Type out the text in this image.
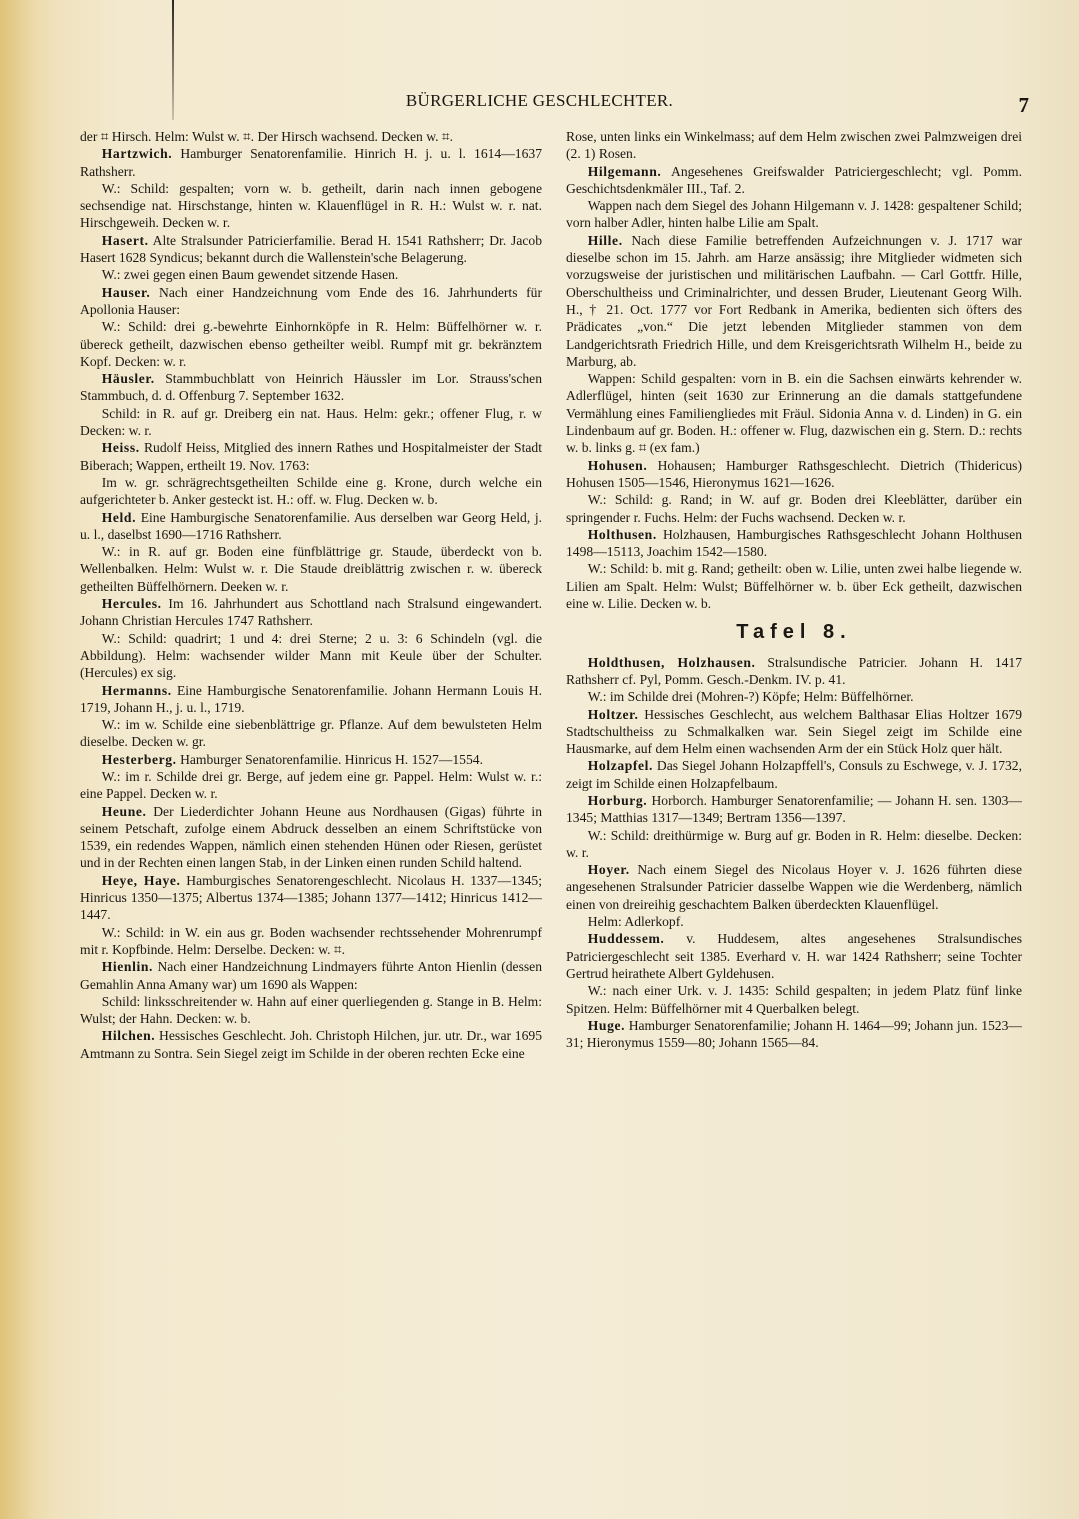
BÜRGERLICHE GESCHLECHTER.	7

der ⌗ Hirsch. Helm: Wulst w. ⌗. Der Hirsch wachsend. Decken w. ⌗.

Hartzwich. Hamburger Senatorenfamilie. Hinrich H. j. u. l. 1614—1637 Rathsherr.

W.: Schild: gespalten; vorn w. b. getheilt, darin nach innen gebogene sechsendige nat. Hirschstange, hinten w. Klauenflügel in R. H.: Wulst w. r. nat. Hirschgeweih. Decken w. r.

Hasert. Alte Stralsunder Patricierfamilie. Berad H. 1541 Rathsherr; Dr. Jacob Hasert 1628 Syndicus; bekannt durch die Wallenstein'sche Belagerung.

W.: zwei gegen einen Baum gewendet sitzende Hasen.

Hauser. Nach einer Handzeichnung vom Ende des 16. Jahrhunderts für Apollonia Hauser:

W.: Schild: drei g.-bewehrte Einhornköpfe in R. Helm: Büffelhörner w. r. übereck getheilt, dazwischen ebenso getheilter weibl. Rumpf mit gr. bekränztem Kopf. Decken: w. r.

Häusler. Stammbuchblatt von Heinrich Häussler im Lor. Strauss'schen Stammbuch, d. d. Offenburg 7. September 1632.

Schild: in R. auf gr. Dreiberg ein nat. Haus. Helm: gekr.; offener Flug, r. w Decken: w. r.

Heiss. Rudolf Heiss, Mitglied des innern Rathes und Hospitalmeister der Stadt Biberach; Wappen, ertheilt 19. Nov. 1763:

Im w. gr. schrägrechtsgetheilten Schilde eine g. Krone, durch welche ein aufgerichteter b. Anker gesteckt ist. H.: off. w. Flug. Decken w. b.

Held. Eine Hamburgische Senatorenfamilie. Aus derselben war Georg Held, j. u. l., daselbst 1690—1716 Rathsherr.

W.: in R. auf gr. Boden eine fünfblättrige gr. Staude, überdeckt von b. Wellenbalken. Helm: Wulst w. r. Die Staude dreiblättrig zwischen r. w. übereck getheilten Büffelhörnern. Deeken w. r.

Hercules. Im 16. Jahrhundert aus Schottland nach Stralsund eingewandert. Johann Christian Hercules 1747 Rathsherr.

W.: Schild: quadrirt; 1 und 4: drei Sterne; 2 u. 3: 6 Schindeln (vgl. die Abbildung). Helm: wachsender wilder Mann mit Keule über der Schulter. (Hercules) ex sig.

Hermanns. Eine Hamburgische Senatorenfamilie. Johann Hermann Louis H. 1719, Johann H., j. u. l., 1719.

W.: im w. Schilde eine siebenblättrige gr. Pflanze. Auf dem bewulsteten Helm dieselbe. Decken w. gr.

Hesterberg. Hamburger Senatorenfamilie. Hinricus H. 1527—1554.

W.: im r. Schilde drei gr. Berge, auf jedem eine gr. Pappel. Helm: Wulst w. r.: eine Pappel. Decken w. r.

Heune. Der Liederdichter Johann Heune aus Nordhausen (Gigas) führte in seinem Petschaft, zufolge einem Abdruck desselben an einem Schriftstücke von 1539, ein redendes Wappen, nämlich einen stehenden Hünen oder Riesen, gerüstet und in der Rechten einen langen Stab, in der Linken einen runden Schild haltend.

Heye, Haye. Hamburgisches Senatorengeschlecht. Nicolaus H. 1337—1345; Hinricus 1350—1375; Albertus 1374—1385; Johann 1377—1412; Hinricus 1412—1447.

W.: Schild: in W. ein aus gr. Boden wachsender rechtssehender Mohrenrumpf mit r. Kopfbinde. Helm: Derselbe. Decken: w. ⌗.

Hienlin. Nach einer Handzeichnung Lindmayers führte Anton Hienlin (dessen Gemahlin Anna Amany war) um 1690 als Wappen:

Schild: linksschreitender w. Hahn auf einer querliegenden g. Stange in B. Helm: Wulst; der Hahn. Decken: w. b.

Hilchen. Hessisches Geschlecht. Joh. Christoph Hilchen, jur. utr. Dr., war 1695 Amtmann zu Sontra. Sein Siegel zeigt im Schilde in der oberen rechten Ecke eine

Rose, unten links ein Winkelmass; auf dem Helm zwischen zwei Palmzweigen drei (2. 1) Rosen.

Hilgemann. Angesehenes Greifswalder Patriciergeschlecht; vgl. Pomm. Geschichtsdenkmäler III., Taf. 2.

Wappen nach dem Siegel des Johann Hilgemann v. J. 1428: gespaltener Schild; vorn halber Adler, hinten halbe Lilie am Spalt.

Hille. Nach diese Familie betreffenden Aufzeichnungen v. J. 1717 war dieselbe schon im 15. Jahrh. am Harze ansässig; ihre Mitglieder widmeten sich vorzugsweise der juristischen und militärischen Laufbahn. — Carl Gottfr. Hille, Oberschultheiss und Criminalrichter, und dessen Bruder, Lieutenant Georg Wilh. H., † 21. Oct. 1777 vor Fort Redbank in Amerika, bedienten sich öfters des Prädicates „von.“ Die jetzt lebenden Mitglieder stammen von dem Landgerichtsrath Friedrich Hille, und dem Kreisgerichtsrath Wilhelm H., beide zu Marburg, ab.

Wappen: Schild gespalten: vorn in B. ein die Sachsen einwärts kehrender w. Adlerflügel, hinten (seit 1630 zur Erinnerung an die damals stattgefundene Vermählung eines Familiengliedes mit Fräul. Sidonia Anna v. d. Linden) in G. ein Lindenbaum auf gr. Boden. H.: offener w. Flug, dazwischen ein g. Stern. D.: rechts w. b. links g. ⌗ (ex fam.)

Hohusen. Hohausen; Hamburger Rathsgeschlecht. Dietrich (Thidericus) Hohusen 1505—1546, Hieronymus 1621—1626.

W.: Schild: g. Rand; in W. auf gr. Boden drei Kleeblätter, darüber ein springender r. Fuchs. Helm: der Fuchs wachsend. Decken w. r.

Holthusen. Holzhausen, Hamburgisches Rathsgeschlecht Johann Holthusen 1498—15113, Joachim 1542—1580.

W.: Schild: b. mit g. Rand; getheilt: oben w. Lilie, unten zwei halbe liegende w. Lilien am Spalt. Helm: Wulst; Büffelhörner w. b. über Eck getheilt, dazwischen eine w. Lilie. Decken w. b.

Tafel 8.

Holdthusen, Holzhausen. Stralsundische Patricier. Johann H. 1417 Rathsherr cf. Pyl, Pomm. Gesch.-Denkm. IV. p. 41.

W.: im Schilde drei (Mohren-?) Köpfe; Helm: Büffelhörner.

Holtzer. Hessisches Geschlecht, aus welchem Balthasar Elias Holtzer 1679 Stadtschultheiss zu Schmalkalken war. Sein Siegel zeigt im Schilde eine Hausmarke, auf dem Helm einen wachsenden Arm der ein Stück Holz quer hält.

Holzapfel. Das Siegel Johann Holzapffell's, Consuls zu Eschwege, v. J. 1732, zeigt im Schilde einen Holzapfelbaum.

Horburg. Horborch. Hamburger Senatorenfamilie; — Johann H. sen. 1303—1345; Matthias 1317—1349; Bertram 1356—1397.

W.: Schild: dreithürmige w. Burg auf gr. Boden in R. Helm: dieselbe. Decken: w. r.

Hoyer. Nach einem Siegel des Nicolaus Hoyer v. J. 1626 führten diese angesehenen Stralsunder Patricier dasselbe Wappen wie die Werdenberg, nämlich einen von dreireihig geschachtem Balken überdeckten Klauenflügel.

Helm: Adlerkopf.

Huddessem. v. Huddesem, altes angesehenes Stralsundisches Patriciergeschlecht seit 1385. Everhard v. H. war 1424 Rathsherr; seine Tochter Gertrud heirathete Albert Gyldehusen.

W.: nach einer Urk. v. J. 1435: Schild gespalten; in jedem Platz fünf linke Spitzen. Helm: Büffelhörner mit 4 Querbalken belegt.

Huge. Hamburger Senatorenfamilie; Johann H. 1464—99; Johann jun. 1523—31; Hieronymus 1559—80; Johann 1565—84.
